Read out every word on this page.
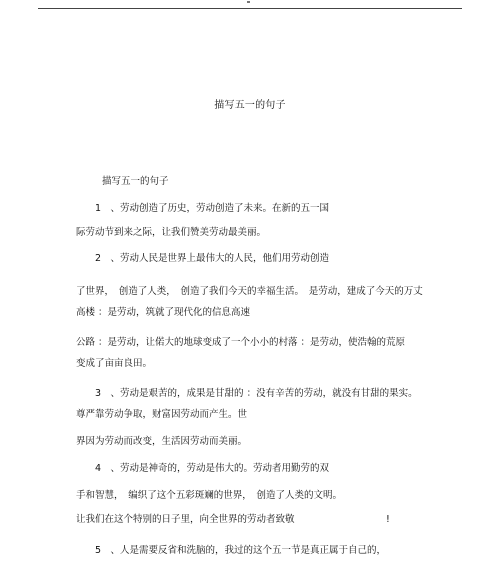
描写五一的句子
描写五一的句子
1　、劳动创造了历史，劳动创造了未来。在新的五一国
际劳动节到来之际，让我们赞美劳动最美丽。
2　、劳动人民是世界上最伟大的人民，他们用劳动创造
了世界，　创造了人类，　创造了我们今天的幸福生活。　是劳动，建成了今天的万丈
高楼 ：是劳动，筑就了现代化的信息高速
公路 ：是劳动，让偌大的地球变成了一个小小的村落 ：是劳动，使浩翰的荒原
变成了亩亩良田。
3　、劳动是艰苦的，成果是甘甜的 ：没有辛苦的劳动，就没有甘甜的果实。
尊严靠劳动争取，财富因劳动而产生。世
界因为劳动而改变，生活因劳动而美丽。
4　、劳动是神奇的，劳动是伟大的。劳动者用勤劳的双
手和智慧，　编织了这个五彩斑斓的世界，　创造了人类的文明。
让我们在这个特别的日子里，向全世界的劳动者致敬	!
5　、人是需要反省和洗脑的，我过的这个五一节是真正属于自己的，
